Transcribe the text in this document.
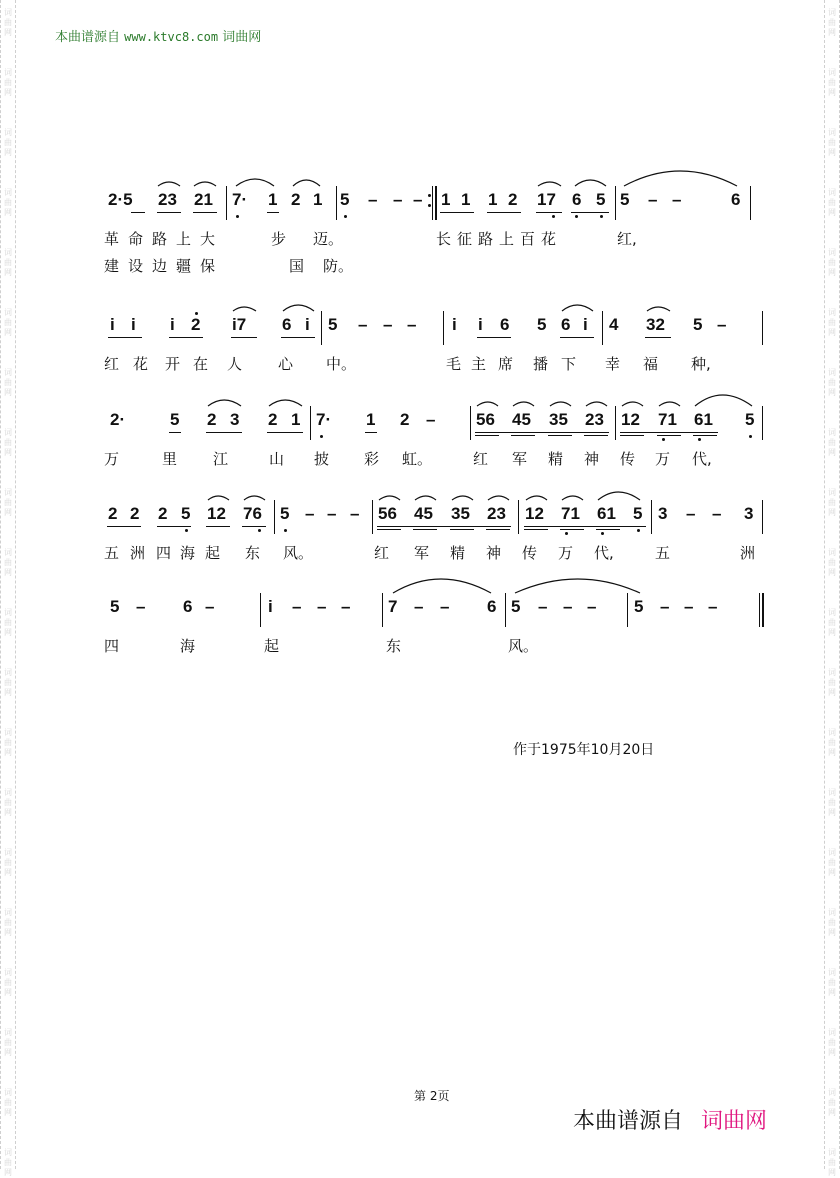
词
曲
网
词
曲
网
词
曲
网
词
曲
网
词
曲
网
词
曲
网
词
曲
网
词
曲
网
词
曲
网
词
曲
网
词
曲
网
词
曲
网
词
曲
网
词
曲
网
词
曲
网
词
曲
网
词
曲
网
词
曲
网
词
曲
网
词
曲
网
词
曲
网
词
曲
网
词
曲
网
词
曲
网
词
曲
网
词
曲
网
词
曲
网
词
曲
网
词
曲
网
词
曲
网
词
曲
网
词
曲
网
词
曲
网
词
曲
网
词
曲
网
词
曲
网
词
曲
网
词
曲
网
词
曲
网
词
曲
网
本曲谱源自 www.ktvc8.com 词曲网
2·5 23 21 7· 1 2 1 5 – – – 1 1 1 2 17 6 5 5 – –	6
革命路上大	步 迈。	长征路上百花	红,
建设边疆保	国 防。
i i i 2 i7 6 i 5 – – – i i 6 5 6 i 4 32 5 –
红 花 开 在 人 心 中。	毛 主 席 播 下 幸 福 种,
2·	5 2 3 2 1 7· 1 2 – 56 45 35 23 12 71 61 5
万	里 江	山 披 彩 虹。	红 军 精 神 传 万 代,
2 2 2 5 12 76 5 – – – 56 45 35 23 12 71 61 5 3 – – 3
五 洲 四 海 起 东 风。	红 军 精 神 传 万 代,	五	洲
5 – 6 –	i – – – 7 – – 6 5 – – – 5 – – –
四	海	起	东	风。
作于1975年10月20日
第 2页
本曲谱源自 词曲网
